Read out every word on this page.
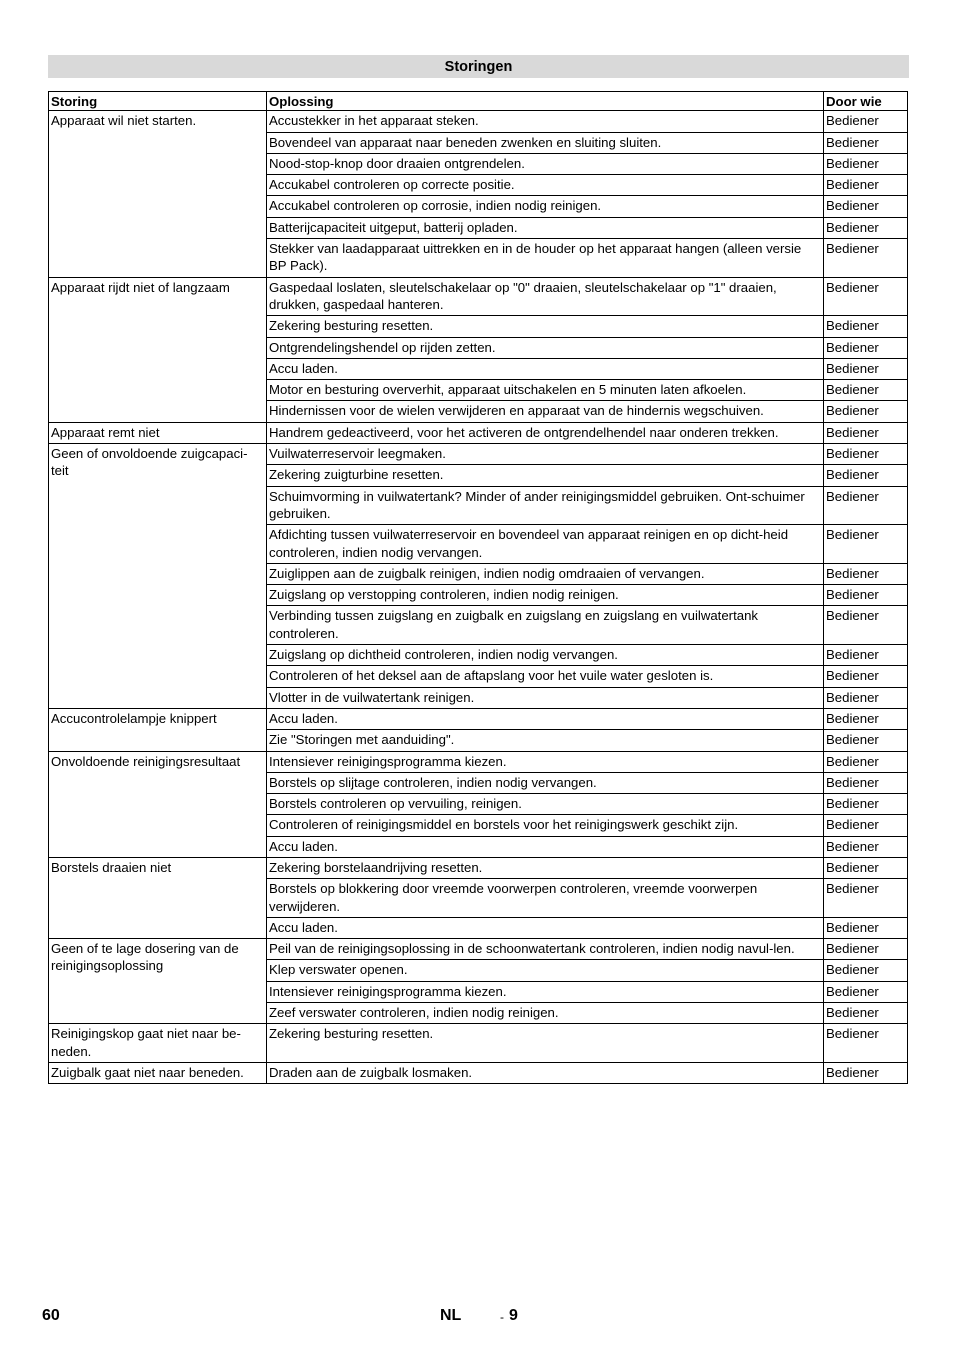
Storingen
Storing	Oplossing	Door wie
Apparaat wil niet starten.	Accustekker in het apparaat steken.	Bediener
	Bovendeel van apparaat naar beneden zwenken en sluiting sluiten.	Bediener
	Nood-stop-knop door draaien ontgrendelen.	Bediener
	Accukabel controleren op correcte positie.	Bediener
	Accukabel controleren op corrosie, indien nodig reinigen.	Bediener
	Batterijcapaciteit uitgeput, batterij opladen.	Bediener
	Stekker van laadapparaat uittrekken en in de houder op het apparaat hangen (alleen versie BP Pack).	Bediener
Apparaat rijdt niet of langzaam	Gaspedaal loslaten, sleutelschakelaar op "0" draaien, sleutelschakelaar op "1" draaien, drukken, gaspedaal hanteren.	Bediener
	Zekering besturing resetten.	Bediener
	Ontgrendelingshendel op rijden zetten.	Bediener
	Accu laden.	Bediener
	Motor en besturing oververhit, apparaat uitschakelen en 5 minuten laten afkoelen.	Bediener
	Hindernissen voor de wielen verwijderen en apparaat van de hindernis wegschuiven.	Bediener
Apparaat remt niet	Handrem gedeactiveerd, voor het activeren de ontgrendelhendel naar onderen trekken.	Bediener
Geen of onvoldoende zuigcapaci-teit	Vuilwaterreservoir leegmaken.	Bediener
	Zekering zuigturbine resetten.	Bediener
	Schuimvorming in vuilwatertank? Minder of ander reinigingsmiddel gebruiken. Ont-schuimer gebruiken.	Bediener
	Afdichting tussen vuilwaterreservoir en bovendeel van apparaat reinigen en op dicht-heid controleren, indien nodig vervangen.	Bediener
	Zuiglippen aan de zuigbalk reinigen, indien nodig omdraaien of vervangen.	Bediener
	Zuigslang op verstopping controleren, indien nodig reinigen.	Bediener
	Verbinding tussen zuigslang en zuigbalk en zuigslang en zuigslang en vuilwatertank controleren.	Bediener
	Zuigslang op dichtheid controleren, indien nodig vervangen.	Bediener
	Controleren of het deksel aan de aftapslang voor het vuile water gesloten is.	Bediener
	Vlotter in de vuilwatertank reinigen.	Bediener
Accucontrolelampje knippert	Accu laden.	Bediener
	Zie "Storingen met aanduiding".	Bediener
Onvoldoende reinigingsresultaat	Intensiever reinigingsprogramma kiezen.	Bediener
	Borstels op slijtage controleren, indien nodig vervangen.	Bediener
	Borstels controleren op vervuiling, reinigen.	Bediener
	Controleren of reinigingsmiddel en borstels voor het reinigingswerk geschikt zijn.	Bediener
	Accu laden.	Bediener
Borstels draaien niet	Zekering borstelaandrijving resetten.	Bediener
	Borstels op blokkering door vreemde voorwerpen controleren, vreemde voorwerpen verwijderen.	Bediener
	Accu laden.	Bediener
Geen of te lage dosering van de reinigingsoplossing	Peil van de reinigingsoplossing in de schoonwatertank controleren, indien nodig navul-len.	Bediener
	Klep verswater openen.	Bediener
	Intensiever reinigingsprogramma kiezen.	Bediener
	Zeef verswater controleren, indien nodig reinigen.	Bediener
Reinigingskop gaat niet naar be-neden.	Zekering besturing resetten.	Bediener
Zuigbalk gaat niet naar beneden.	Draden aan de zuigbalk losmaken.	Bediener
60	NL	- 9
